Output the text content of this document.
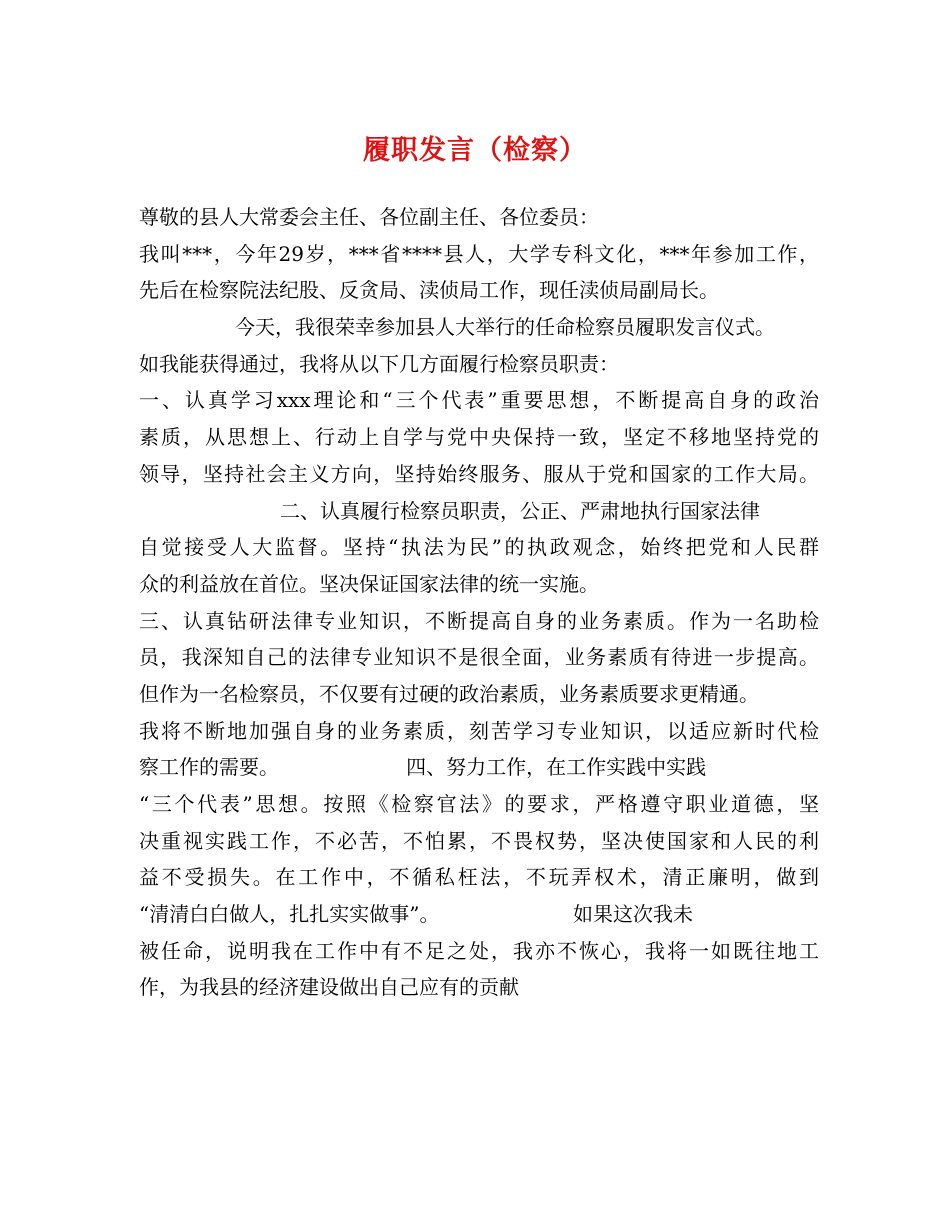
履职发言（检察）
尊敬的县人大常委会主任、各位副主任、各位委员：
我叫***，今年29岁，***省****县人，大学专科文化，***年参加工作，
先后在检察院法纪股、反贪局、渎侦局工作，现任渎侦局副局长。
今天，我很荣幸参加县人大举行的任命检察员履职发言仪式。
如我能获得通过，我将从以下几方面履行检察员职责：
一、认真学习xxx理论和“三个代表”重要思想，不断提高自身的政治
素质，从思想上、行动上自学与党中央保持一致，坚定不移地坚持党的
领导，坚持社会主义方向，坚持始终服务、服从于党和国家的工作大局。
二、认真履行检察员职责，公正、严肃地执行国家法律
自觉接受人大监督。坚持“执法为民”的执政观念，始终把党和人民群
众的利益放在首位。坚决保证国家法律的统一实施。
三、认真钻研法律专业知识，不断提高自身的业务素质。作为一名助检
员，我深知自己的法律专业知识不是很全面，业务素质有待进一步提高。
但作为一名检察员，不仅要有过硬的政治素质，业务素质要求更精通。
我将不断地加强自身的业务素质，刻苦学习专业知识，以适应新时代检
察工作的需要。                    四、努力工作，在工作实践中实践
“三个代表”思想。按照《检察官法》的要求，严格遵守职业道德，坚
决重视实践工作，不必苦，不怕累，不畏权势，坚决使国家和人民的利
益不受损失。在工作中，不循私枉法，不玩弄权术，清正廉明，做到
“清清白白做人，扎扎实实做事”。                     如果这次我未
被任命，说明我在工作中有不足之处，我亦不恢心，我将一如既往地工
作，为我县的经济建设做出自己应有的贡献
